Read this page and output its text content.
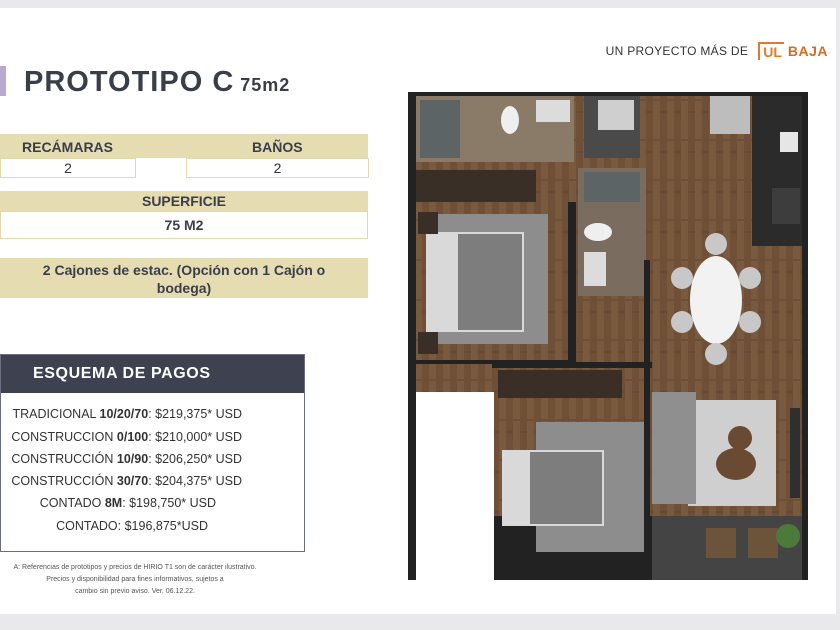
PROTOTIPO C 75m2
UN PROYECTO MÁS DE	UL BAJA
RECÁMARAS	BAÑOS
2	2
SUPERFICIE
75 M2
2 Cajones de estac. (Opción con 1 Cajón o
bodega)
ESQUEMA DE PAGOS
TRADICIONAL 10/20/70: $219,375* USD
CONSTRUCCION 0/100: $210,000* USD
CONSTRUCCIÓN 10/90: $206,250* USD
CONSTRUCCIÓN 30/70: $204,375* USD
CONTADO 8M: $198,750* USD
CONTADO: $196,875*USD
A: Referencias de prototipos y precios de HIRIO T1 son de carácter ilustrativo.
Precios y disponibilidad para fines informativos, sujetos a
cambio sin previo aviso. Ver. 06.12.22.
